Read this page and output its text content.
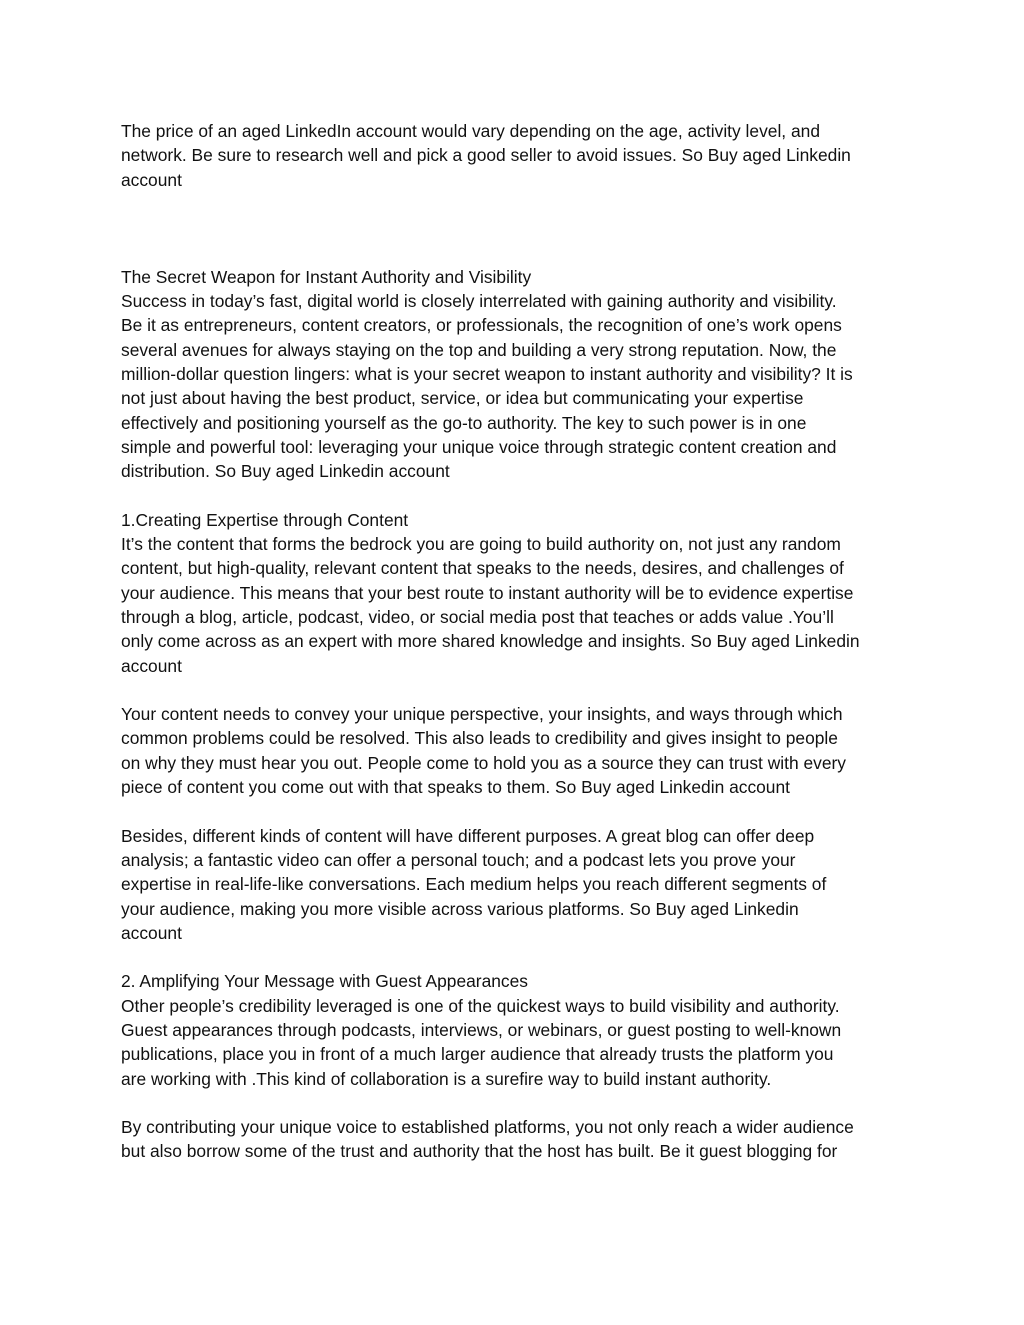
The price of an aged LinkedIn account would vary depending on the age, activity level, and
network. Be sure to research well and pick a good seller to avoid issues. So Buy aged Linkedin
account

The Secret Weapon for Instant Authority and Visibility

Success in today’s fast, digital world is closely interrelated with gaining authority and visibility.
Be it as entrepreneurs, content creators, or professionals, the recognition of one’s work opens
several avenues for always staying on the top and building a very strong reputation. Now, the
million-dollar question lingers: what is your secret weapon to instant authority and visibility? It is
not just about having the best product, service, or idea but communicating your expertise
effectively and positioning yourself as the go-to authority. The key to such power is in one
simple and powerful tool: leveraging your unique voice through strategic content creation and
distribution. So Buy aged Linkedin account

1.Creating Expertise through Content

It’s the content that forms the bedrock you are going to build authority on, not just any random
content, but high-quality, relevant content that speaks to the needs, desires, and challenges of
your audience. This means that your best route to instant authority will be to evidence expertise
through a blog, article, podcast, video, or social media post that teaches or adds value .You’ll
only come across as an expert with more shared knowledge and insights. So Buy aged Linkedin
account

Your content needs to convey your unique perspective, your insights, and ways through which
common problems could be resolved. This also leads to credibility and gives insight to people
on why they must hear you out. People come to hold you as a source they can trust with every
piece of content you come out with that speaks to them. So Buy aged Linkedin account

Besides, different kinds of content will have different purposes. A great blog can offer deep
analysis; a fantastic video can offer a personal touch; and a podcast lets you prove your
expertise in real-life-like conversations. Each medium helps you reach different segments of
your audience, making you more visible across various platforms. So Buy aged Linkedin
account

2. Amplifying Your Message with Guest Appearances

Other people’s credibility leveraged is one of the quickest ways to build visibility and authority.
Guest appearances through podcasts, interviews, or webinars, or guest posting to well-known
publications, place you in front of a much larger audience that already trusts the platform you
are working with .This kind of collaboration is a surefire way to build instant authority.

By contributing your unique voice to established platforms, you not only reach a wider audience
but also borrow some of the trust and authority that the host has built. Be it guest blogging for
